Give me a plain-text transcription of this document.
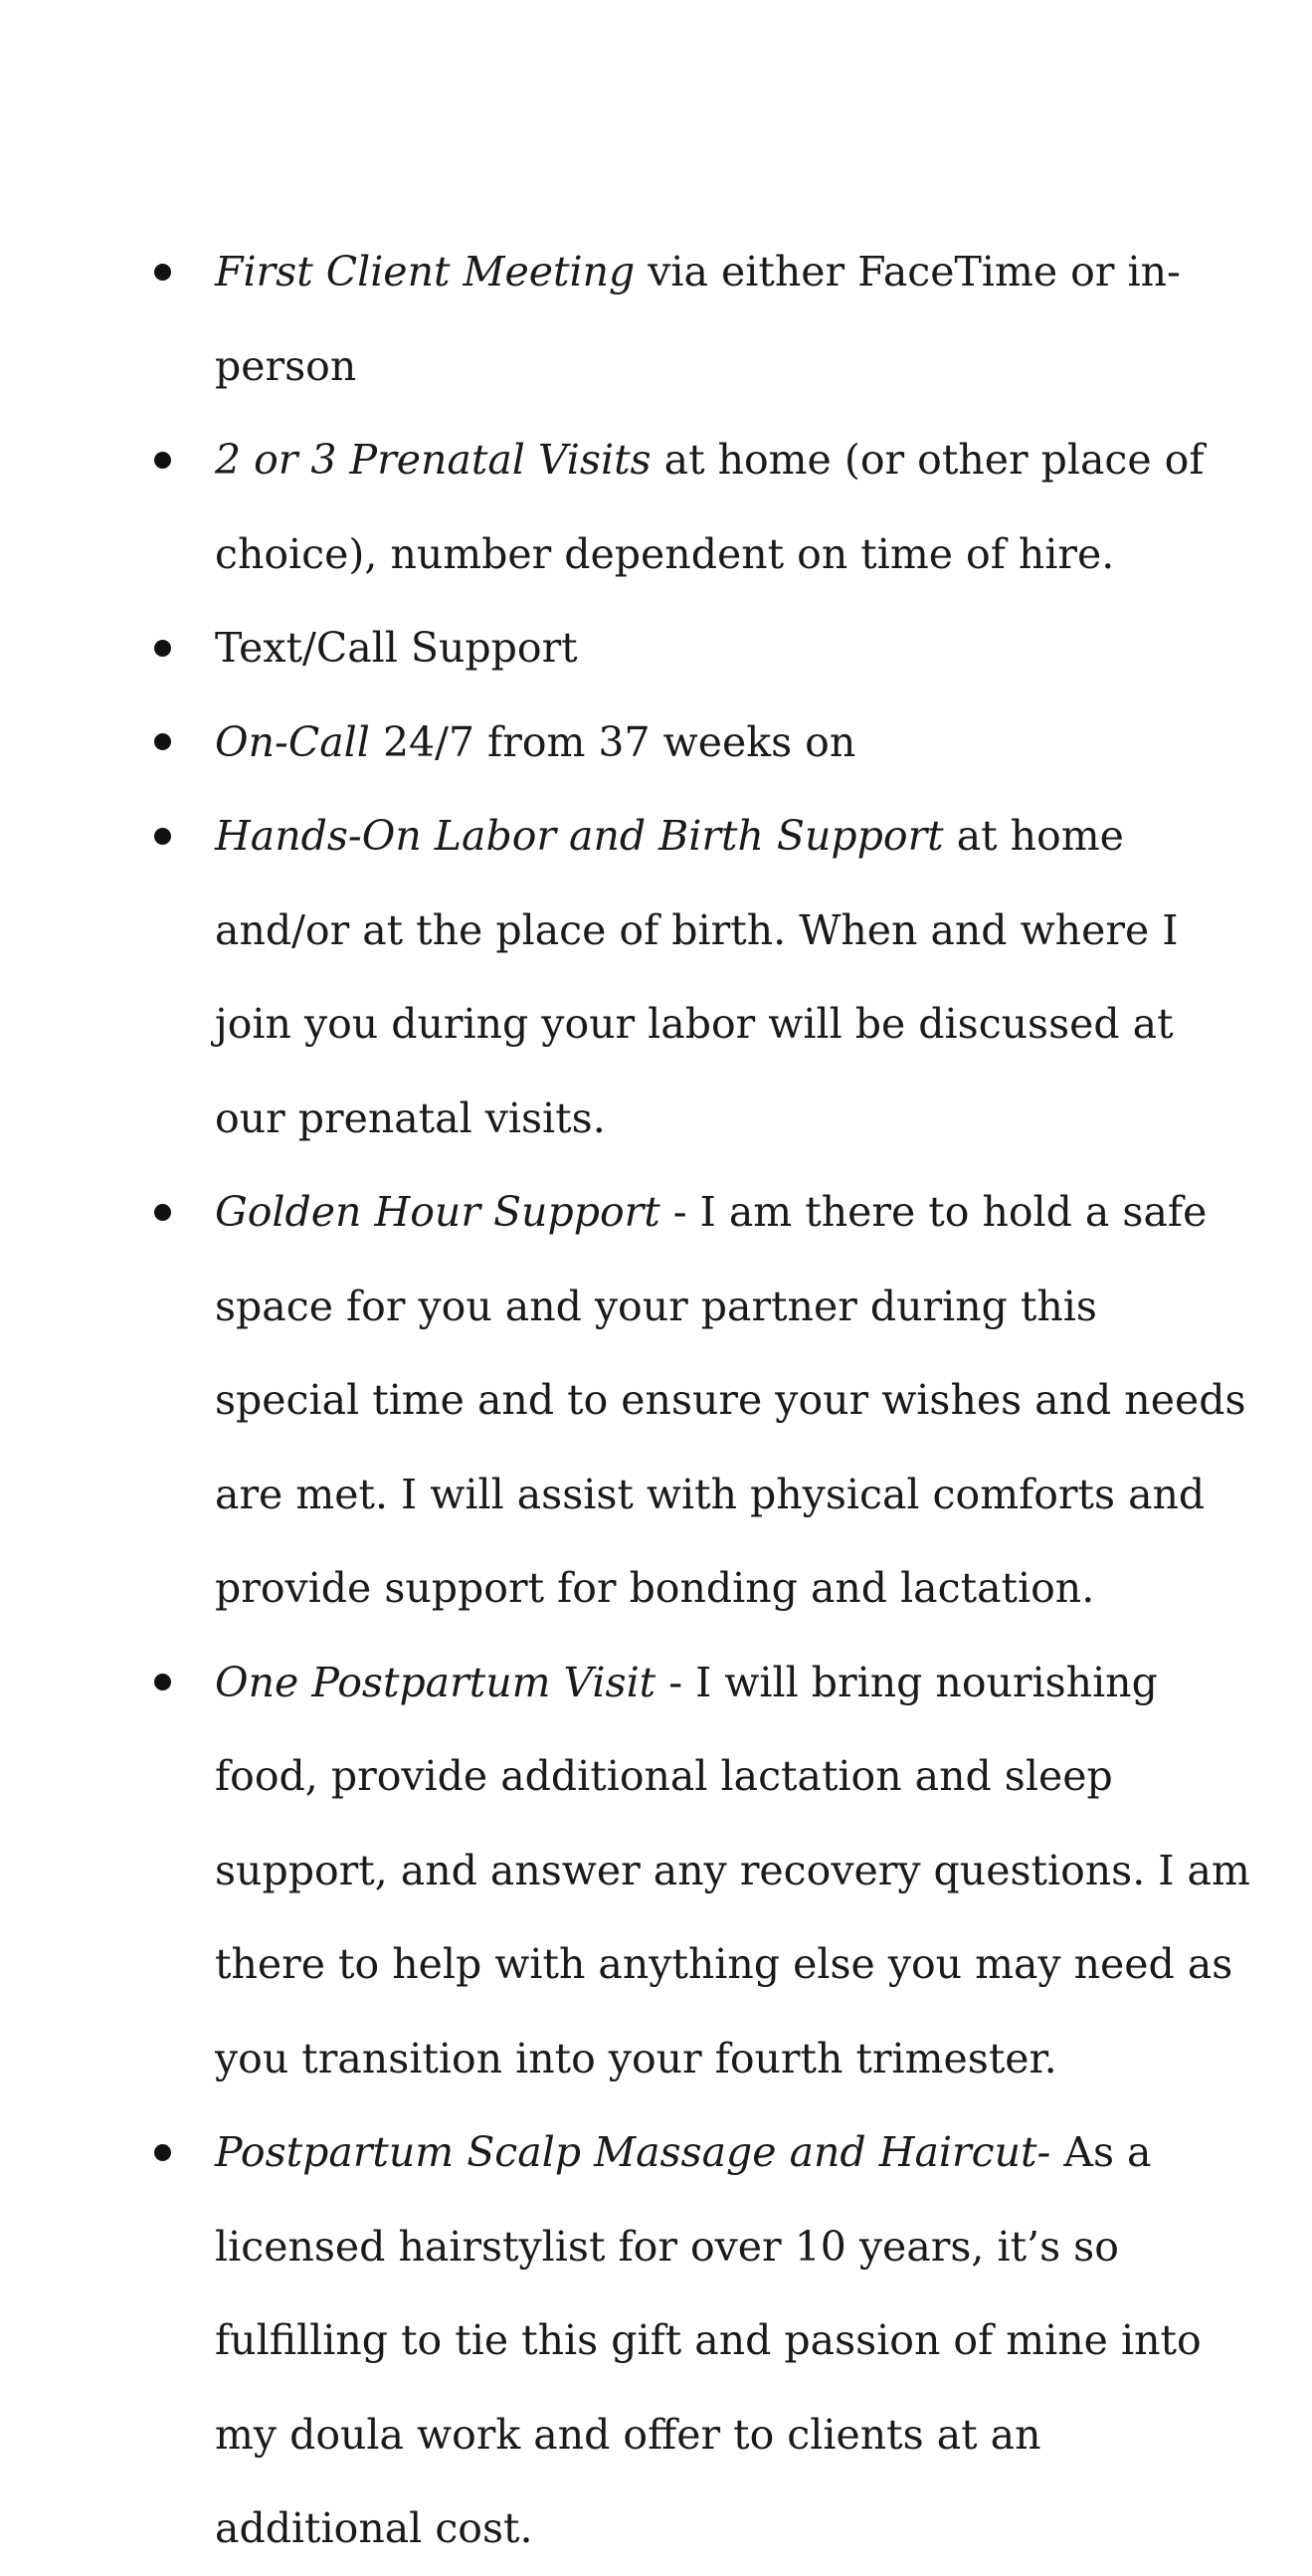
First Client Meeting via either FaceTime or in-person
2 or 3 Prenatal Visits at home (or other place of choice), number dependent on time of hire.
Text/Call Support
On-Call 24/7 from 37 weeks on
Hands-On Labor and Birth Support at home and/or at the place of birth. When and where I join you during your labor will be discussed at our prenatal visits.
Golden Hour Support - I am there to hold a safe space for you and your partner during this special time and to ensure your wishes and needs are met. I will assist with physical comforts and provide support for bonding and lactation.
One Postpartum Visit - I will bring nourishing food, provide additional lactation and sleep support, and answer any recovery questions. I am there to help with anything else you may need as you transition into your fourth trimester.
Postpartum Scalp Massage and Haircut- As a licensed hairstylist for over 10 years, it’s so fulfilling to tie this gift and passion of mine into my doula work and offer to clients at an additional cost.
